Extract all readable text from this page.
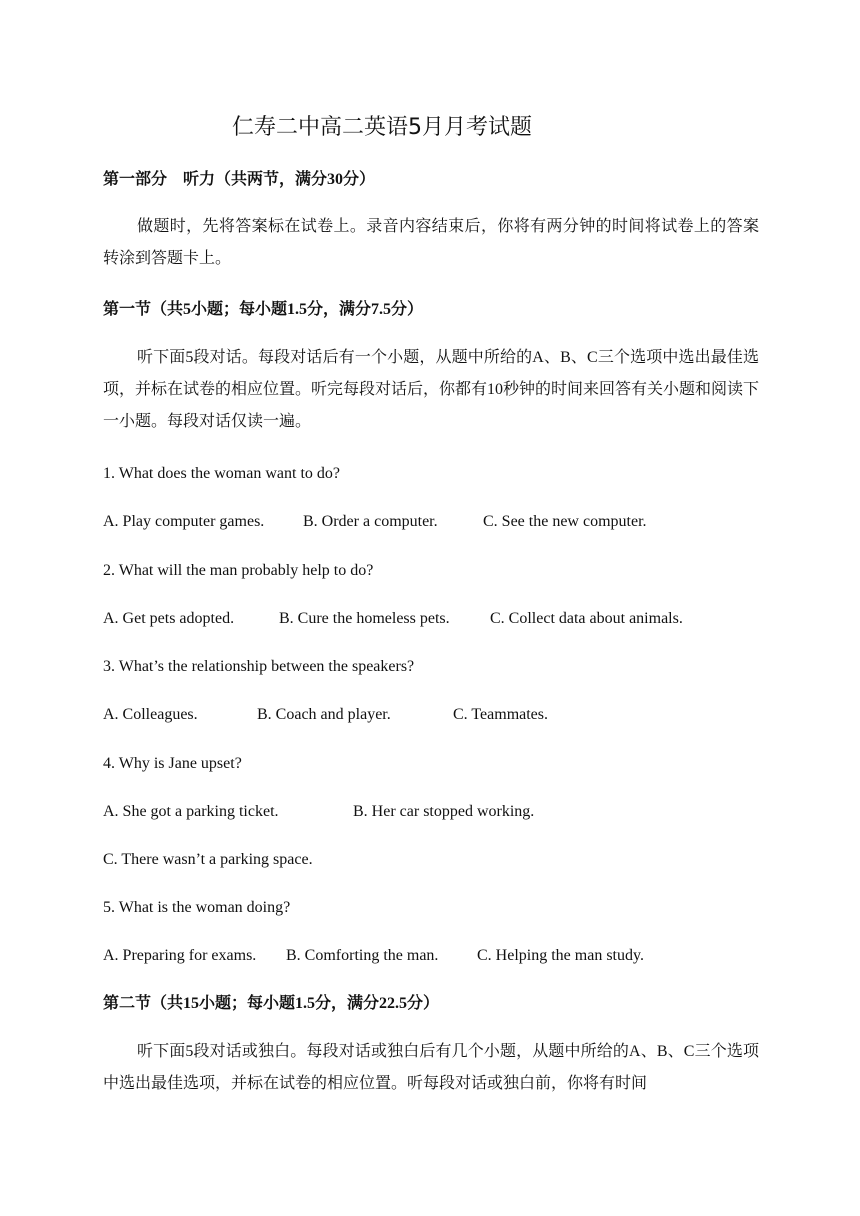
仁寿二中高二英语5月月考试题
第一部分　听力（共两节，满分30分）
做题时，先将答案标在试卷上。录音内容结束后，你将有两分钟的时间将试卷上的答案转涂到答题卡上。
第一节（共5小题；每小题1.5分，满分7.5分）
听下面5段对话。每段对话后有一个小题，从题中所给的A、B、C三个选项中选出最佳选项，并标在试卷的相应位置。听完每段对话后，你都有10秒钟的时间来回答有关小题和阅读下一小题。每段对话仅读一遍。
1. What does the woman want to do?
A. Play computer games. B. Order a computer.	C. See the new computer.
2. What will the man probably help to do?
A. Get pets adopted.	B. Cure the homeless pets.	C. Collect data about animals.
3. What’s the relationship between the speakers?
A. Colleagues.	B. Coach and player.	C. Teammates.
4. Why is Jane upset?
A. She got a parking ticket.	B. Her car stopped working.
C. There wasn’t a parking space.
5. What is the woman doing?
A. Preparing for exams. B. Comforting the man. C. Helping the man study.
第二节（共15小题；每小题1.5分，满分22.5分）
听下面5段对话或独白。每段对话或独白后有几个小题，从题中所给的A、B、C三个选项中选出最佳选项，并标在试卷的相应位置。听每段对话或独白前，你将有时间
